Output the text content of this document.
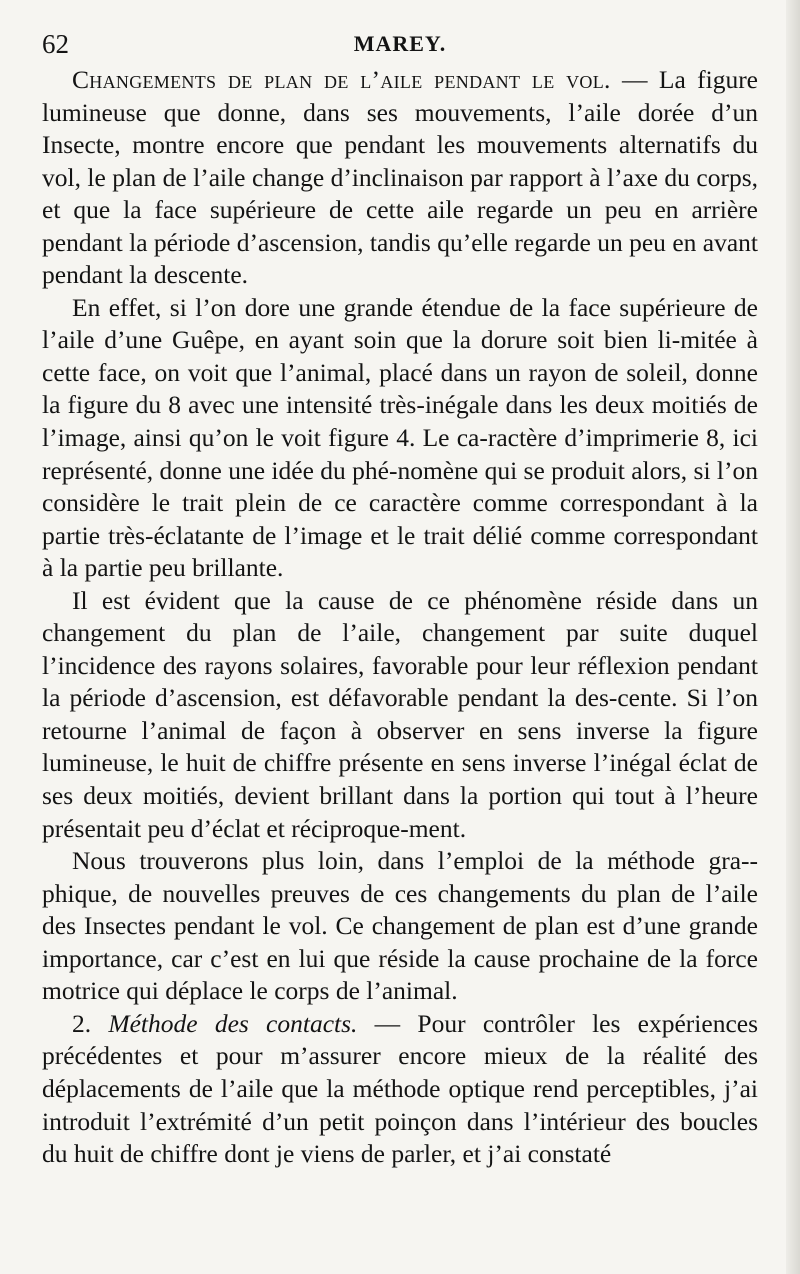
62	MAREY.

Changements de plan de l’aile pendant le vol. — La figure lumineuse que donne, dans ses mouvements, l’aile dorée d’un Insecte, montre encore que pendant les mouvements alternatifs du vol, le plan de l’aile change d’inclinaison par rapport à l’axe du corps, et que la face supérieure de cette aile regarde un peu en arrière pendant la période d’ascension, tandis qu’elle regarde un peu en avant pendant la descente.

En effet, si l’on dore une grande étendue de la face supérieure de l’aile d’une Guêpe, en ayant soin que la dorure soit bien li-mitée à cette face, on voit que l’animal, placé dans un rayon de soleil, donne la figure du 8 avec une intensité très-inégale dans les deux moitiés de l’image, ainsi qu’on le voit figure 4. Le ca-ractère d’imprimerie 8, ici représenté, donne une idée du phé-nomène qui se produit alors, si l’on considère le trait plein de ce caractère comme correspondant à la partie très-éclatante de l’image et le trait délié comme correspondant à la partie peu brillante.

Il est évident que la cause de ce phénomène réside dans un changement du plan de l’aile, changement par suite duquel l’incidence des rayons solaires, favorable pour leur réflexion pendant la période d’ascension, est défavorable pendant la des-cente. Si l’on retourne l’animal de façon à observer en sens inverse la figure lumineuse, le huit de chiffre présente en sens inverse l’inégal éclat de ses deux moitiés, devient brillant dans la portion qui tout à l’heure présentait peu d’éclat et réciproque-ment.

Nous trouverons plus loin, dans l’emploi de la méthode gra-phique, de nouvelles preuves de ces changements du plan de l’aile des Insectes pendant le vol. Ce changement de plan est d’une grande importance, car c’est en lui que réside la cause prochaine de la force motrice qui déplace le corps de l’animal.

2. Méthode des contacts. — Pour contrôler les expériences précédentes et pour m’assurer encore mieux de la réalité des déplacements de l’aile que la méthode optique rend perceptibles, j’ai introduit l’extrémité d’un petit poinçon dans l’intérieur des boucles du huit de chiffre dont je viens de parler, et j’ai constaté
